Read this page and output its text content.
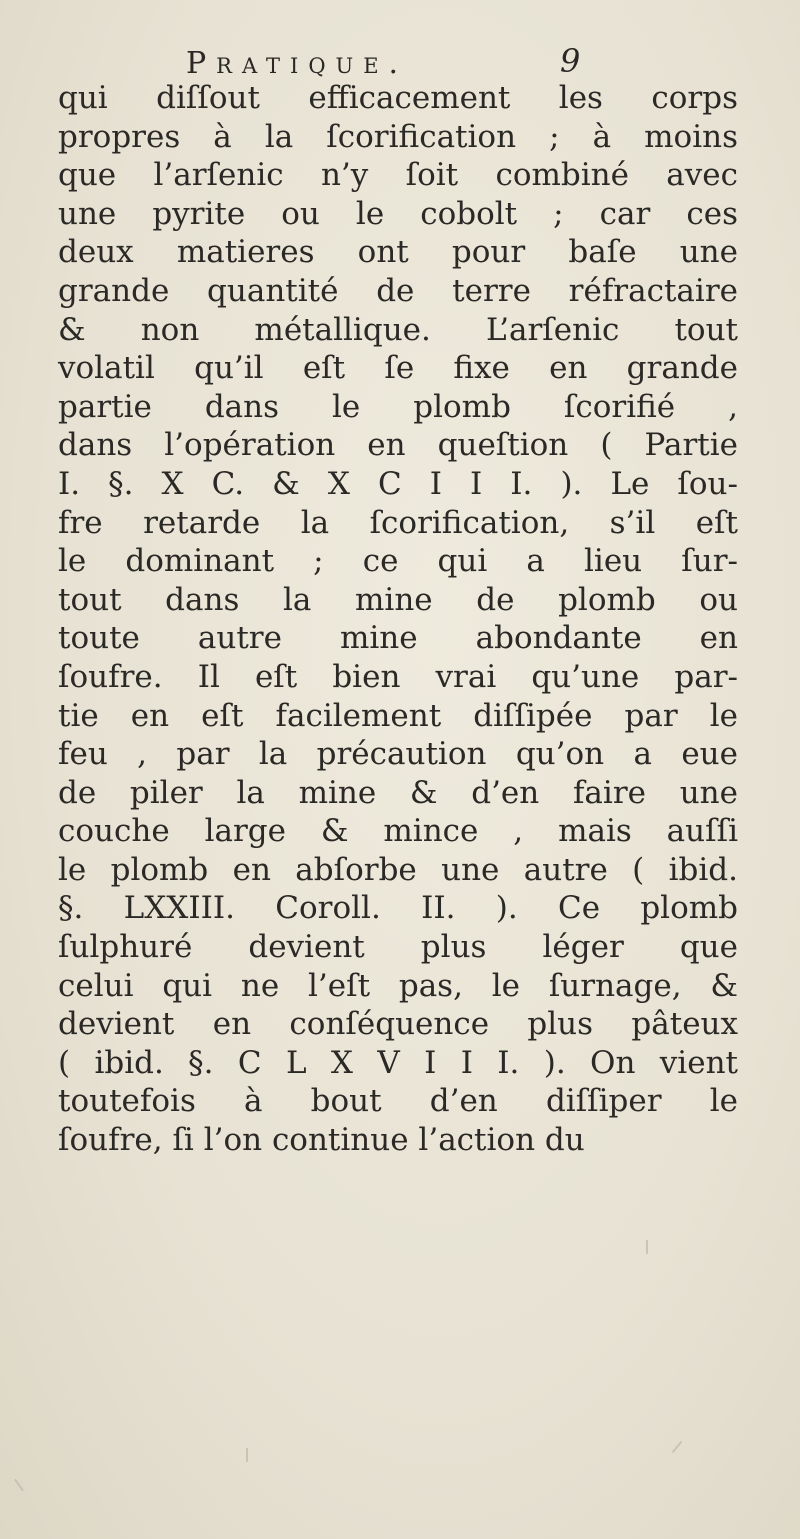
Pratique.	9
qui diſſout efficacement les corps
propres à la ſcorification ; à moins
que l’arſenic n’y ſoit combiné avec
une pyrite ou le cobolt ; car ces
deux matieres ont pour baſe une
grande quantité de terre réfractaire
& non métallique. L’arſenic tout
volatil qu’il eſt ſe fixe en grande
partie dans le plomb ſcorifié ,
dans l’opération en queſtion ( Partie
I. §. X C. & X C I I I. ). Le ſou-
fre retarde la ſcorification, s’il eſt
le dominant ; ce qui a lieu ſur-
tout dans la mine de plomb ou
toute autre mine abondante en
ſoufre. Il eſt bien vrai qu’une par-
tie en eſt facilement diſſipée par le
feu , par la précaution qu’on a eue
de piler la mine & d’en faire une
couche large & mince , mais auſſi
le plomb en abſorbe une autre ( ibid.
§. LXXIII. Coroll. II. ). Ce plomb
ſulphuré devient plus léger que
celui qui ne l’eſt pas, le ſurnage, &
devient en conſéquence plus pâteux
( ibid. §. C L X V I I I. ). On vient
toutefois à bout d’en diſſiper le
ſoufre, ſi l’on continue l’action du
